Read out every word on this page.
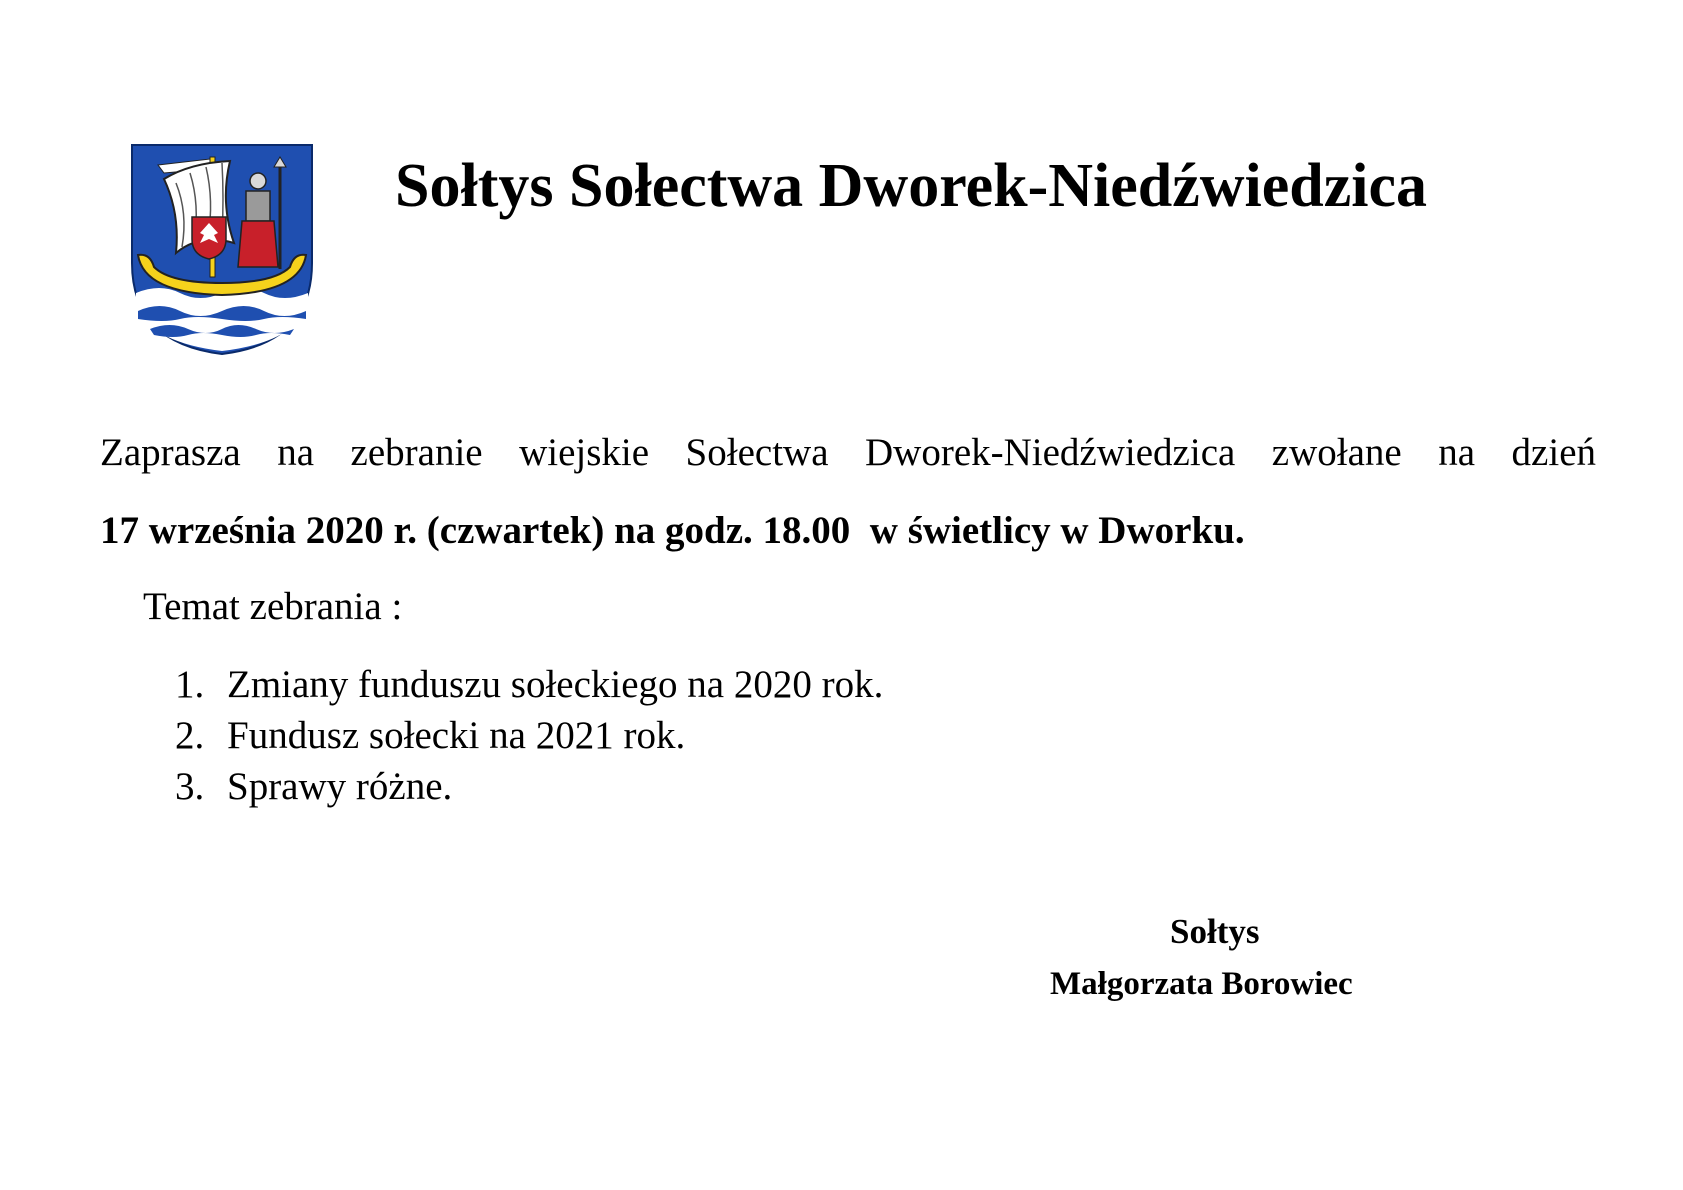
Sołtys Sołectwa Dworek-Niedźwiedzica

Zaprasza na zebranie wiejskie Sołectwa Dworek-Niedźwiedzica zwołane na dzień

17 września 2020 r. (czwartek) na godz. 18.00  w świetlicy w Dworku.

Temat zebrania :

1. Zmiany funduszu sołeckiego na 2020 rok.
2. Fundusz sołecki na 2021 rok.
3. Sprawy różne.

Sołtys

Małgorzata Borowiec
